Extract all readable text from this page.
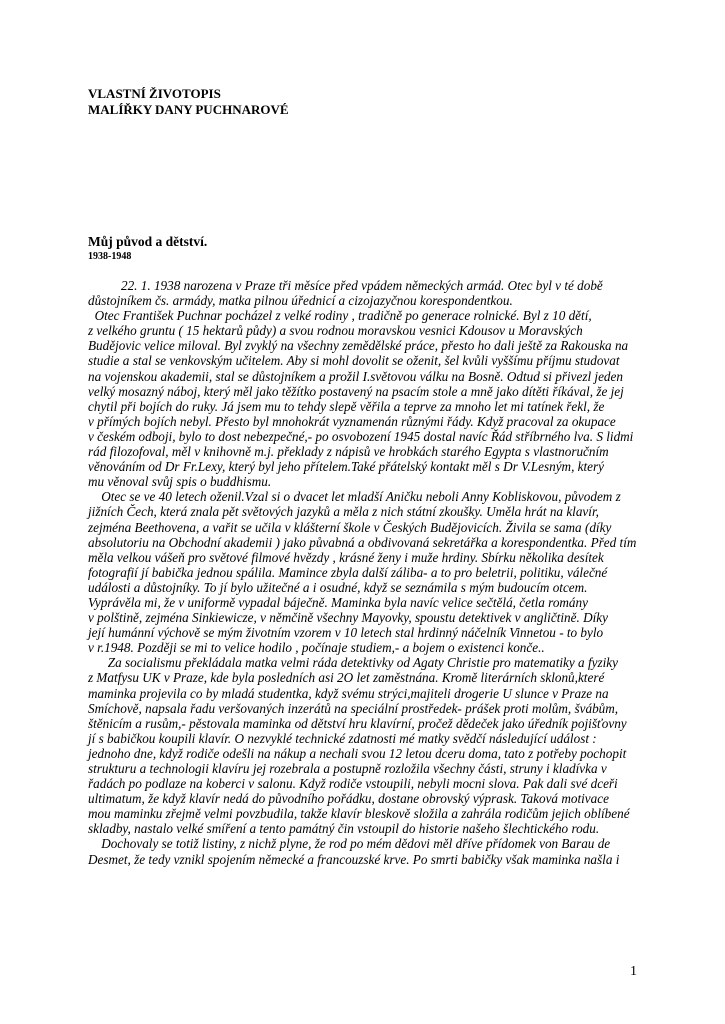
VLASTNÍ ŽIVOTOPIS
MALÍŘKY DANY PUCHNAROVÉ
Můj původ a dětství.
1938-1948
22. 1. 1938 narozena v Praze tři měsíce před vpádem německých armád. Otec byl v té době
důstojníkem čs. armády, matka pilnou úřednicí a cizojazyčnou korespondentkou.
Otec František Puchnar pocházel z velké rodiny , tradičně po generace rolnické. Byl z 10 dětí,
z velkého gruntu ( 15 hektarů půdy) a svou rodnou moravskou vesnici Kdousov u Moravských
Budějovic velice miloval. Byl zvyklý na všechny zemědělské práce, přesto ho dali ještě za Rakouska na
studie a stal se venkovským učitelem. Aby si mohl dovolit se oženit, šel kvůli vyššímu příjmu studovat
na vojenskou akademii, stal se důstojníkem a prožil I.světovou válku na Bosně. Odtud si přivezl jeden
velký mosazný náboj, který měl jako těžítko postavený na psacím stole a mně jako dítěti říkával, že jej
chytil při bojích do ruky. Já jsem mu to tehdy slepě věřila a teprve za mnoho let mi tatínek řekl, že
v přímých bojích nebyl. Přesto byl mnohokrát vyznamenán různými řády. Když pracoval za okupace
v českém odboji, bylo to dost nebezpečné,- po osvobození 1945 dostal navíc Řád stříbrného lva. S lidmi
rád filozofoval, měl v knihovně m.j. překlady z nápisů ve hrobkách starého Egypta s vlastnoručním
věnováním od Dr Fr.Lexy, který byl jeho přítelem.Také přátelský kontakt měl s Dr V.Lesným, který
mu věnoval svůj spis o buddhismu.
Otec se ve 40 letech oženil.Vzal si o dvacet let mladší Aničku neboli Anny Kobliskovou, původem z
jižních Čech, která znala pět světových jazyků a měla z nich státní zkoušky. Uměla hrát na klavír,
zejména Beethovena, a vařit se učila v klášterní škole v Českých Budějovicích. Živila se sama (díky
absolutoriu na Obchodní akademii ) jako půvabná a obdivovaná sekretářka a korespondentka. Před tím
měla velkou vášeň pro světové filmové hvězdy , krásné ženy i muže hrdiny. Sbírku několika desítek
fotografií jí babička jednou spálila. Mamince zbyla další záliba- a to pro beletrii, politiku, válečné
události a důstojníky. To jí bylo užitečné a i osudné, když se seznámila s mým budoucím otcem.
Vyprávěla mi, že v uniformě vypadal báječně. Maminka byla navíc velice sečtělá, četla romány
v polštině, zejména Sinkiewicze, v němčině všechny Mayovky, spoustu detektivek v angličtině. Díky
její humánní výchově se mým životním vzorem v 10 letech stal hrdinný náčelník Vinnetou - to bylo
v r.1948. Později se mi to velice hodilo , počínaje studiem,- a bojem o existenci konče..
Za socialismu překládala matka velmi ráda detektivky od Agaty Christie pro matematiky a fyziky
z Matfysu UK v Praze, kde byla posledních asi 2O let zaměstnána. Kromě literárních sklonů,které
maminka projevila co by mladá studentka, když svému strýci,majiteli drogerie U slunce v Praze na
Smíchově, napsala řadu veršovaných inzerátů na speciální prostředek- prášek proti molům, švábům,
štěnicím a rusům,- pěstovala maminka od dětství hru klavírní, pročež dědeček jako úředník pojišťovny
jí s babičkou koupili klavír. O nezvyklé technické zdatnosti mé matky svědčí následující událost :
jednoho dne, když rodiče odešli na nákup a nechali svou 12 letou dceru doma, tato z potřeby pochopit
strukturu a technologii klavíru jej rozebrala a postupně rozložila všechny části, struny i kladívka v
řadách po podlaze na koberci v salonu. Když rodiče vstoupili, nebyli mocni slova. Pak dali své dceři
ultimatum, že když klavír nedá do původního pořádku, dostane obrovský výprask. Taková motivace
mou maminku zřejmě velmi povzbudila, takže klavír bleskově složila a zahrála rodičům jejich oblíbené
skladby, nastalo velké smíření a tento památný čin vstoupil do historie našeho šlechtického rodu.
Dochovaly se totiž listiny, z nichž plyne, že rod po mém dědovi měl dříve přídomek von Barau de
Desmet, že tedy vznikl spojením německé a francouzské krve. Po smrti babičky však maminka našla i
1
